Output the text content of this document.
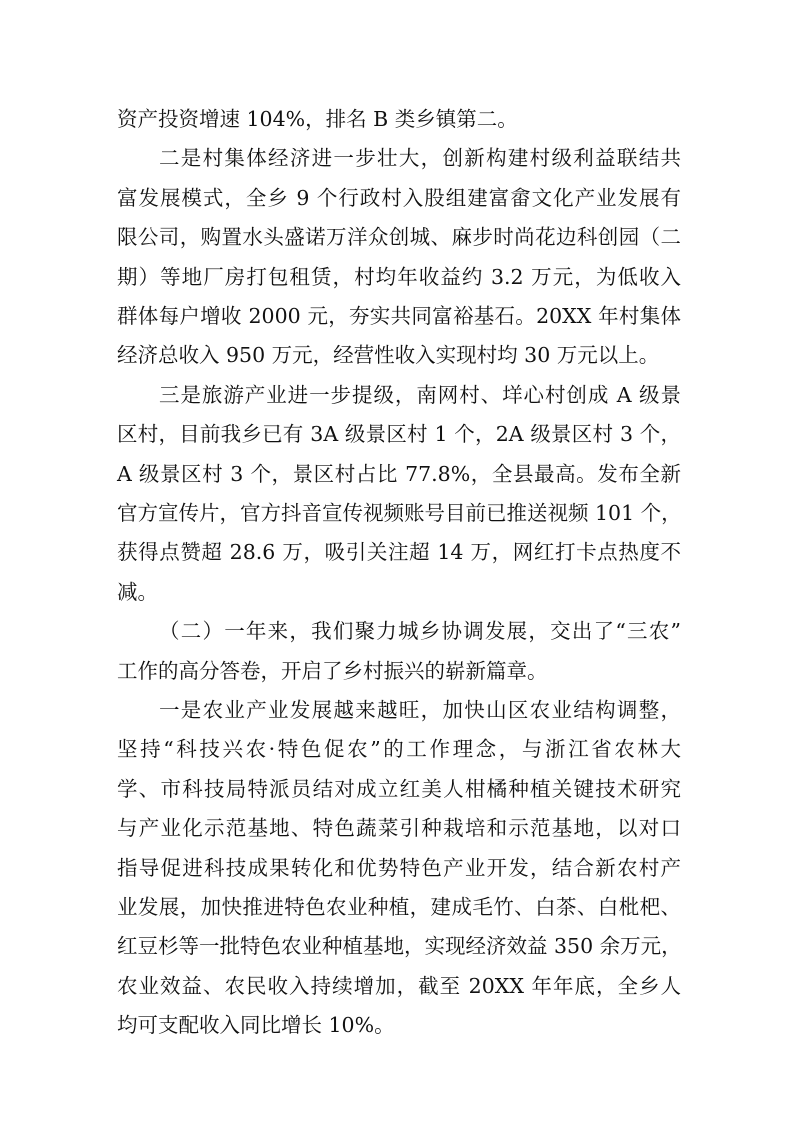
资产投资增速 104%，排名 B 类乡镇第二。
二是村集体经济进一步壮大，创新构建村级利益联结共
富发展模式，全乡 9 个行政村入股组建富畲文化产业发展有
限公司，购置水头盛诺万洋众创城、麻步时尚花边科创园（二
期）等地厂房打包租赁，村均年收益约 3.2 万元，为低收入
群体每户增收 2000 元，夯实共同富裕基石。20XX 年村集体
经济总收入 950 万元，经营性收入实现村均 30 万元以上。
三是旅游产业进一步提级，南网村、垟心村创成 A 级景
区村，目前我乡已有 3A 级景区村 1 个，2A 级景区村 3 个，
A 级景区村 3 个，景区村占比 77.8%，全县最高。发布全新
官方宣传片，官方抖音宣传视频账号目前已推送视频 101 个，
获得点赞超 28.6 万，吸引关注超 14 万，网红打卡点热度不
减。
（二）一年来，我们聚力城乡协调发展，交出了“三农”
工作的高分答卷，开启了乡村振兴的崭新篇章。
一是农业产业发展越来越旺，加快山区农业结构调整，
坚持“科技兴农·特色促农”的工作理念，与浙江省农林大
学、市科技局特派员结对成立红美人柑橘种植关键技术研究
与产业化示范基地、特色蔬菜引种栽培和示范基地，以对口
指导促进科技成果转化和优势特色产业开发，结合新农村产
业发展，加快推进特色农业种植，建成毛竹、白茶、白枇杷、
红豆杉等一批特色农业种植基地，实现经济效益 350 余万元，
农业效益、农民收入持续增加，截至 20XX 年年底，全乡人
均可支配收入同比增长 10%。
